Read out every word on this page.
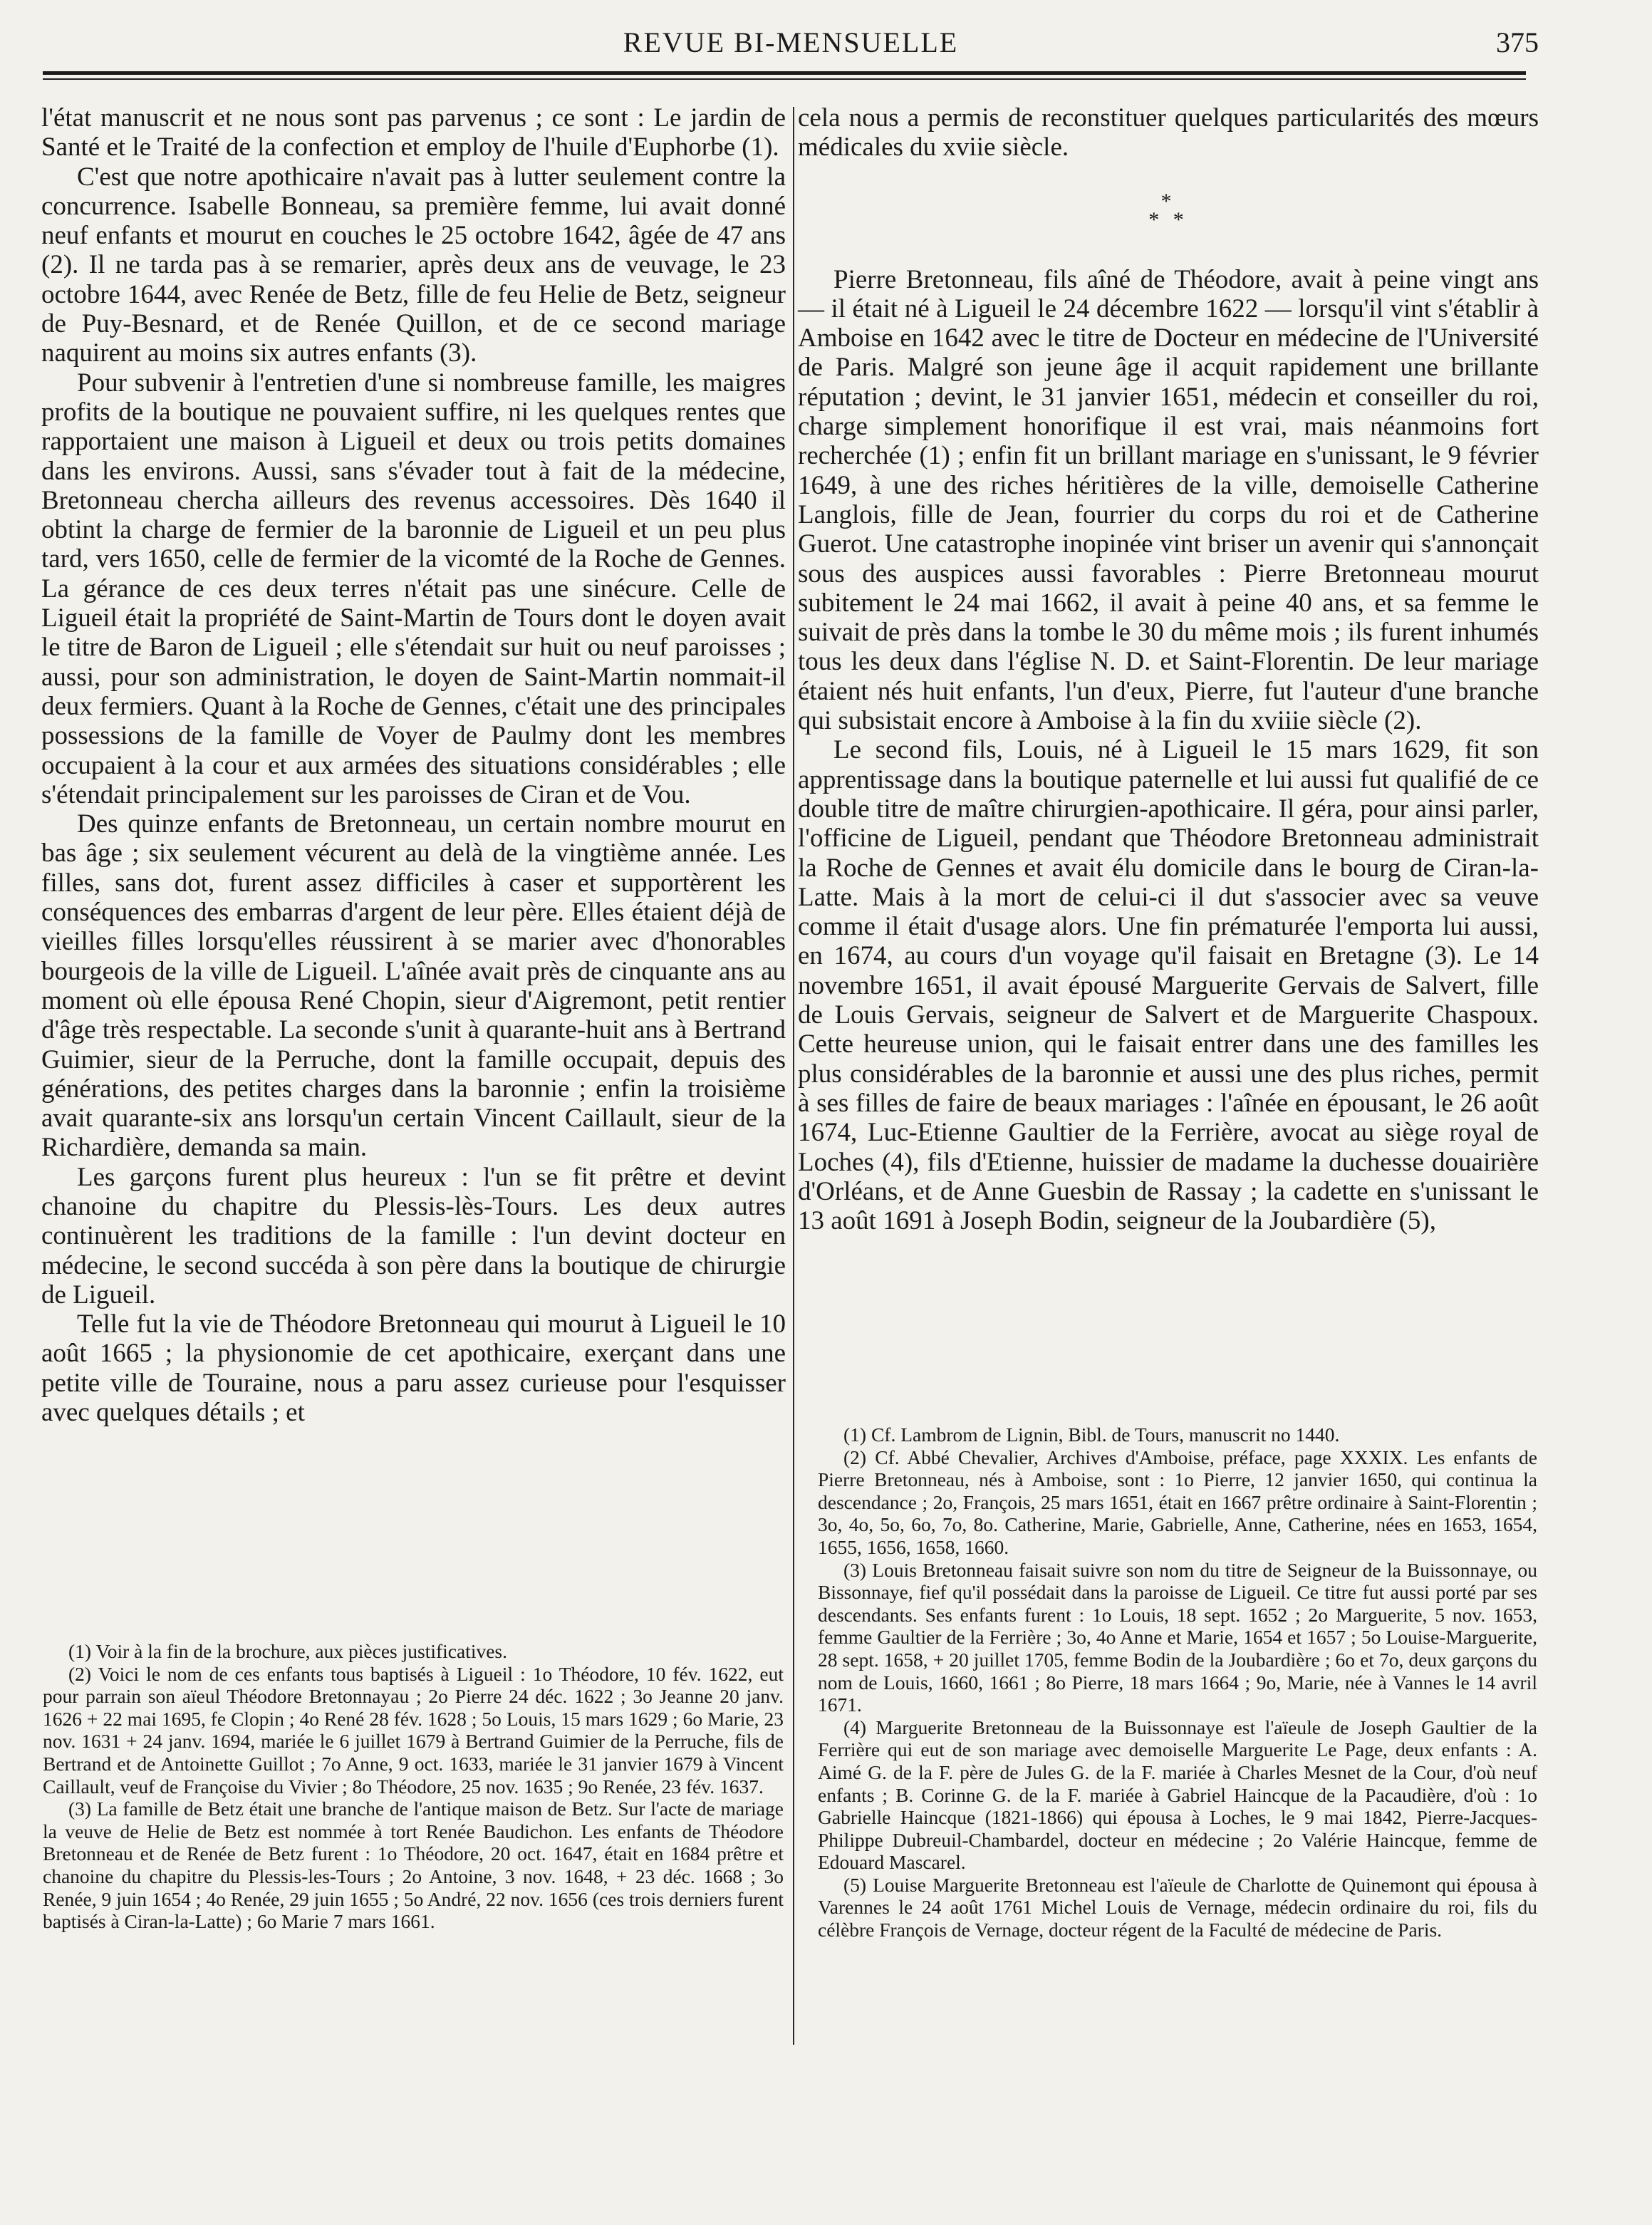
REVUE BI-MENSUELLE	375

l'état manuscrit et ne nous sont pas parvenus ; ce sont : Le jardin de Santé et le Traité de la confection et employ de l'huile d'Euphorbe (1).

C'est que notre apothicaire n'avait pas à lutter seulement contre la concurrence. Isabelle Bonneau, sa première femme, lui avait donné neuf enfants et mourut en couches le 25 octobre 1642, âgée de 47 ans (2). Il ne tarda pas à se remarier, après deux ans de veuvage, le 23 octobre 1644, avec Renée de Betz, fille de feu Helie de Betz, seigneur de Puy-Besnard, et de Renée Quillon, et de ce second mariage naquirent au moins six autres enfants (3).

Pour subvenir à l'entretien d'une si nombreuse famille, les maigres profits de la boutique ne pouvaient suffire, ni les quelques rentes que rapportaient une maison à Ligueil et deux ou trois petits domaines dans les environs. Aussi, sans s'évader tout à fait de la médecine, Bretonneau chercha ailleurs des revenus accessoires. Dès 1640 il obtint la charge de fermier de la baronnie de Ligueil et un peu plus tard, vers 1650, celle de fermier de la vicomté de la Roche de Gennes. La gérance de ces deux terres n'était pas une sinécure. Celle de Ligueil était la propriété de Saint-Martin de Tours dont le doyen avait le titre de Baron de Ligueil ; elle s'étendait sur huit ou neuf paroisses ; aussi, pour son administration, le doyen de Saint-Martin nommait-il deux fermiers. Quant à la Roche de Gennes, c'était une des principales possessions de la famille de Voyer de Paulmy dont les membres occupaient à la cour et aux armées des situations considérables ; elle s'étendait principalement sur les paroisses de Ciran et de Vou.

Des quinze enfants de Bretonneau, un certain nombre mourut en bas âge ; six seulement vécurent au delà de la vingtième année. Les filles, sans dot, furent assez difficiles à caser et supportèrent les conséquences des embarras d'argent de leur père. Elles étaient déjà de vieilles filles lorsqu'elles réussirent à se marier avec d'honorables bourgeois de la ville de Ligueil. L'aînée avait près de cinquante ans au moment où elle épousa René Chopin, sieur d'Aigremont, petit rentier d'âge très respectable. La seconde s'unit à quarante-huit ans à Bertrand Guimier, sieur de la Perruche, dont la famille occupait, depuis des générations, des petites charges dans la baronnie ; enfin la troisième avait quarante-six ans lorsqu'un certain Vincent Caillault, sieur de la Richardière, demanda sa main.

Les garçons furent plus heureux : l'un se fit prêtre et devint chanoine du chapitre du Plessis-lès-Tours. Les deux autres continuèrent les traditions de la famille : l'un devint docteur en médecine, le second succéda à son père dans la boutique de chirurgie de Ligueil.

Telle fut la vie de Théodore Bretonneau qui mourut à Ligueil le 10 août 1665 ; la physionomie de cet apothicaire, exerçant dans une petite ville de Touraine, nous a paru assez curieuse pour l'esquisser avec quelques détails ; et

cela nous a permis de reconstituer quelques particularités des mœurs médicales du xviie siècle.

*
* *

Pierre Bretonneau, fils aîné de Théodore, avait à peine vingt ans — il était né à Ligueil le 24 décembre 1622 — lorsqu'il vint s'établir à Amboise en 1642 avec le titre de Docteur en médecine de l'Université de Paris. Malgré son jeune âge il acquit rapidement une brillante réputation ; devint, le 31 janvier 1651, médecin et conseiller du roi, charge simplement honorifique il est vrai, mais néanmoins fort recherchée (1) ; enfin fit un brillant mariage en s'unissant, le 9 février 1649, à une des riches héritières de la ville, demoiselle Catherine Langlois, fille de Jean, fourrier du corps du roi et de Catherine Guerot. Une catastrophe inopinée vint briser un avenir qui s'annonçait sous des auspices aussi favorables : Pierre Bretonneau mourut subitement le 24 mai 1662, il avait à peine 40 ans, et sa femme le suivait de près dans la tombe le 30 du même mois ; ils furent inhumés tous les deux dans l'église N. D. et Saint-Florentin. De leur mariage étaient nés huit enfants, l'un d'eux, Pierre, fut l'auteur d'une branche qui subsistait encore à Amboise à la fin du xviiie siècle (2).

Le second fils, Louis, né à Ligueil le 15 mars 1629, fit son apprentissage dans la boutique paternelle et lui aussi fut qualifié de ce double titre de maître chirurgien-apothicaire. Il géra, pour ainsi parler, l'officine de Ligueil, pendant que Théodore Bretonneau administrait la Roche de Gennes et avait élu domicile dans le bourg de Ciran-la-Latte. Mais à la mort de celui-ci il dut s'associer avec sa veuve comme il était d'usage alors. Une fin prématurée l'emporta lui aussi, en 1674, au cours d'un voyage qu'il faisait en Bretagne (3). Le 14 novembre 1651, il avait épousé Marguerite Gervais de Salvert, fille de Louis Gervais, seigneur de Salvert et de Marguerite Chaspoux. Cette heureuse union, qui le faisait entrer dans une des familles les plus considérables de la baronnie et aussi une des plus riches, permit à ses filles de faire de beaux mariages : l'aînée en épousant, le 26 août 1674, Luc-Etienne Gaultier de la Ferrière, avocat au siège royal de Loches (4), fils d'Etienne, huissier de madame la duchesse douairière d'Orléans, et de Anne Guesbin de Rassay ; la cadette en s'unissant le 13 août 1691 à Joseph Bodin, seigneur de la Joubardière (5),

(1) Voir à la fin de la brochure, aux pièces justificatives.

(2) Voici le nom de ces enfants tous baptisés à Ligueil : 1o Théodore, 10 fév. 1622, eut pour parrain son aïeul Théodore Bretonnayau ; 2o Pierre 24 déc. 1622 ; 3o Jeanne 20 janv. 1626 + 22 mai 1695, fe Clopin ; 4o René 28 fév. 1628 ; 5o Louis, 15 mars 1629 ; 6o Marie, 23 nov. 1631 + 24 janv. 1694, mariée le 6 juillet 1679 à Bertrand Guimier de la Perruche, fils de Bertrand et de Antoinette Guillot ; 7o Anne, 9 oct. 1633, mariée le 31 janvier 1679 à Vincent Caillault, veuf de Françoise du Vivier ; 8o Théodore, 25 nov. 1635 ; 9o Renée, 23 fév. 1637.

(3) La famille de Betz était une branche de l'antique maison de Betz. Sur l'acte de mariage la veuve de Helie de Betz est nommée à tort Renée Baudichon. Les enfants de Théodore Bretonneau et de Renée de Betz furent : 1o Théodore, 20 oct. 1647, était en 1684 prêtre et chanoine du chapitre du Plessis-les-Tours ; 2o Antoine, 3 nov. 1648, + 23 déc. 1668 ; 3o Renée, 9 juin 1654 ; 4o Renée, 29 juin 1655 ; 5o André, 22 nov. 1656 (ces trois derniers furent baptisés à Ciran-la-Latte) ; 6o Marie 7 mars 1661.

(1) Cf. Lambrom de Lignin, Bibl. de Tours, manuscrit no 1440.

(2) Cf. Abbé Chevalier, Archives d'Amboise, préface, page XXXIX. Les enfants de Pierre Bretonneau, nés à Amboise, sont : 1o Pierre, 12 janvier 1650, qui continua la descendance ; 2o, François, 25 mars 1651, était en 1667 prêtre ordinaire à Saint-Florentin ; 3o, 4o, 5o, 6o, 7o, 8o. Catherine, Marie, Gabrielle, Anne, Catherine, nées en 1653, 1654, 1655, 1656, 1658, 1660.

(3) Louis Bretonneau faisait suivre son nom du titre de Seigneur de la Buissonnaye, ou Bissonnaye, fief qu'il possédait dans la paroisse de Ligueil. Ce titre fut aussi porté par ses descendants. Ses enfants furent : 1o Louis, 18 sept. 1652 ; 2o Marguerite, 5 nov. 1653, femme Gaultier de la Ferrière ; 3o, 4o Anne et Marie, 1654 et 1657 ; 5o Louise-Marguerite, 28 sept. 1658, + 20 juillet 1705, femme Bodin de la Joubardière ; 6o et 7o, deux garçons du nom de Louis, 1660, 1661 ; 8o Pierre, 18 mars 1664 ; 9o, Marie, née à Vannes le 14 avril 1671.

(4) Marguerite Bretonneau de la Buissonnaye est l'aïeule de Joseph Gaultier de la Ferrière qui eut de son mariage avec demoiselle Marguerite Le Page, deux enfants : A. Aimé G. de la F. père de Jules G. de la F. mariée à Charles Mesnet de la Cour, d'où neuf enfants ; B. Corinne G. de la F. mariée à Gabriel Haincque de la Pacaudière, d'où : 1o Gabrielle Haincque (1821-1866) qui épousa à Loches, le 9 mai 1842, Pierre-Jacques-Philippe Dubreuil-Chambardel, docteur en médecine ; 2o Valérie Haincque, femme de Edouard Mascarel.

(5) Louise Marguerite Bretonneau est l'aïeule de Charlotte de Quinemont qui épousa à Varennes le 24 août 1761 Michel Louis de Vernage, médecin ordinaire du roi, fils du célèbre François de Vernage, docteur régent de la Faculté de médecine de Paris.
